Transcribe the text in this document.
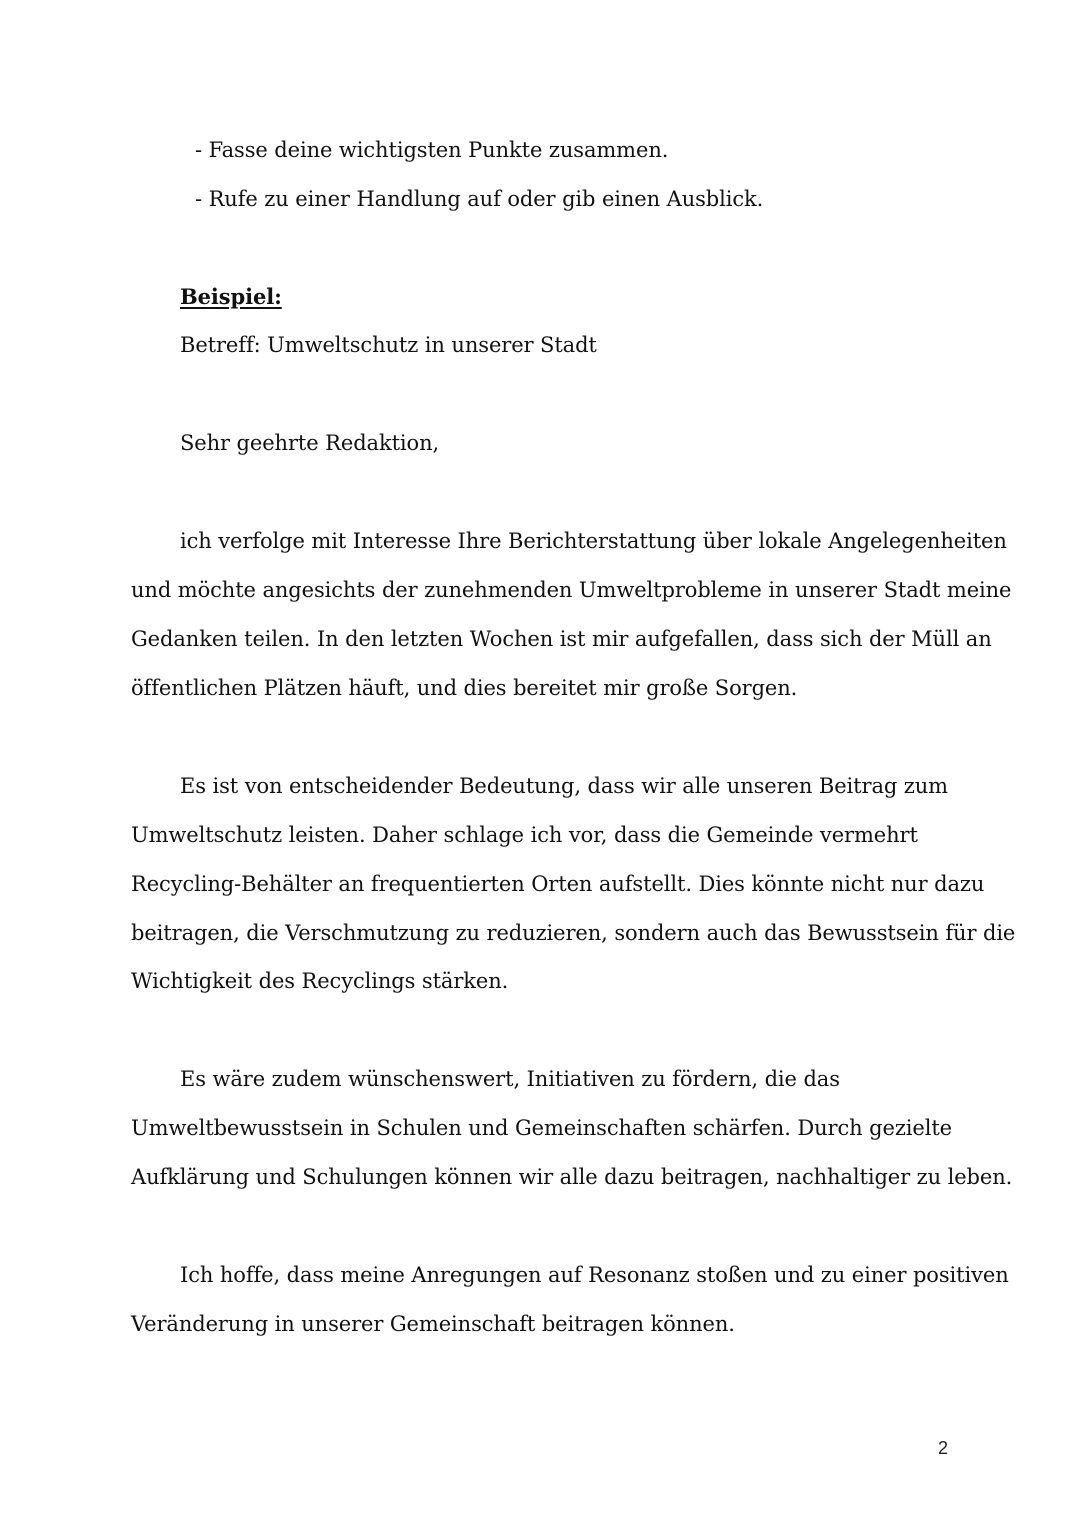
- Fasse deine wichtigsten Punkte zusammen.
- Rufe zu einer Handlung auf oder gib einen Ausblick.
Beispiel:
Betreff: Umweltschutz in unserer Stadt
Sehr geehrte Redaktion,
ich verfolge mit Interesse Ihre Berichterstattung über lokale Angelegenheiten
und möchte angesichts der zunehmenden Umweltprobleme in unserer Stadt meine
Gedanken teilen. In den letzten Wochen ist mir aufgefallen, dass sich der Müll an
öffentlichen Plätzen häuft, und dies bereitet mir große Sorgen.
Es ist von entscheidender Bedeutung, dass wir alle unseren Beitrag zum
Umweltschutz leisten. Daher schlage ich vor, dass die Gemeinde vermehrt
Recycling-Behälter an frequentierten Orten aufstellt. Dies könnte nicht nur dazu
beitragen, die Verschmutzung zu reduzieren, sondern auch das Bewusstsein für die
Wichtigkeit des Recyclings stärken.
Es wäre zudem wünschenswert, Initiativen zu fördern, die das
Umweltbewusstsein in Schulen und Gemeinschaften schärfen. Durch gezielte
Aufklärung und Schulungen können wir alle dazu beitragen, nachhaltiger zu leben.
Ich hoffe, dass meine Anregungen auf Resonanz stoßen und zu einer positiven
Veränderung in unserer Gemeinschaft beitragen können.
2
